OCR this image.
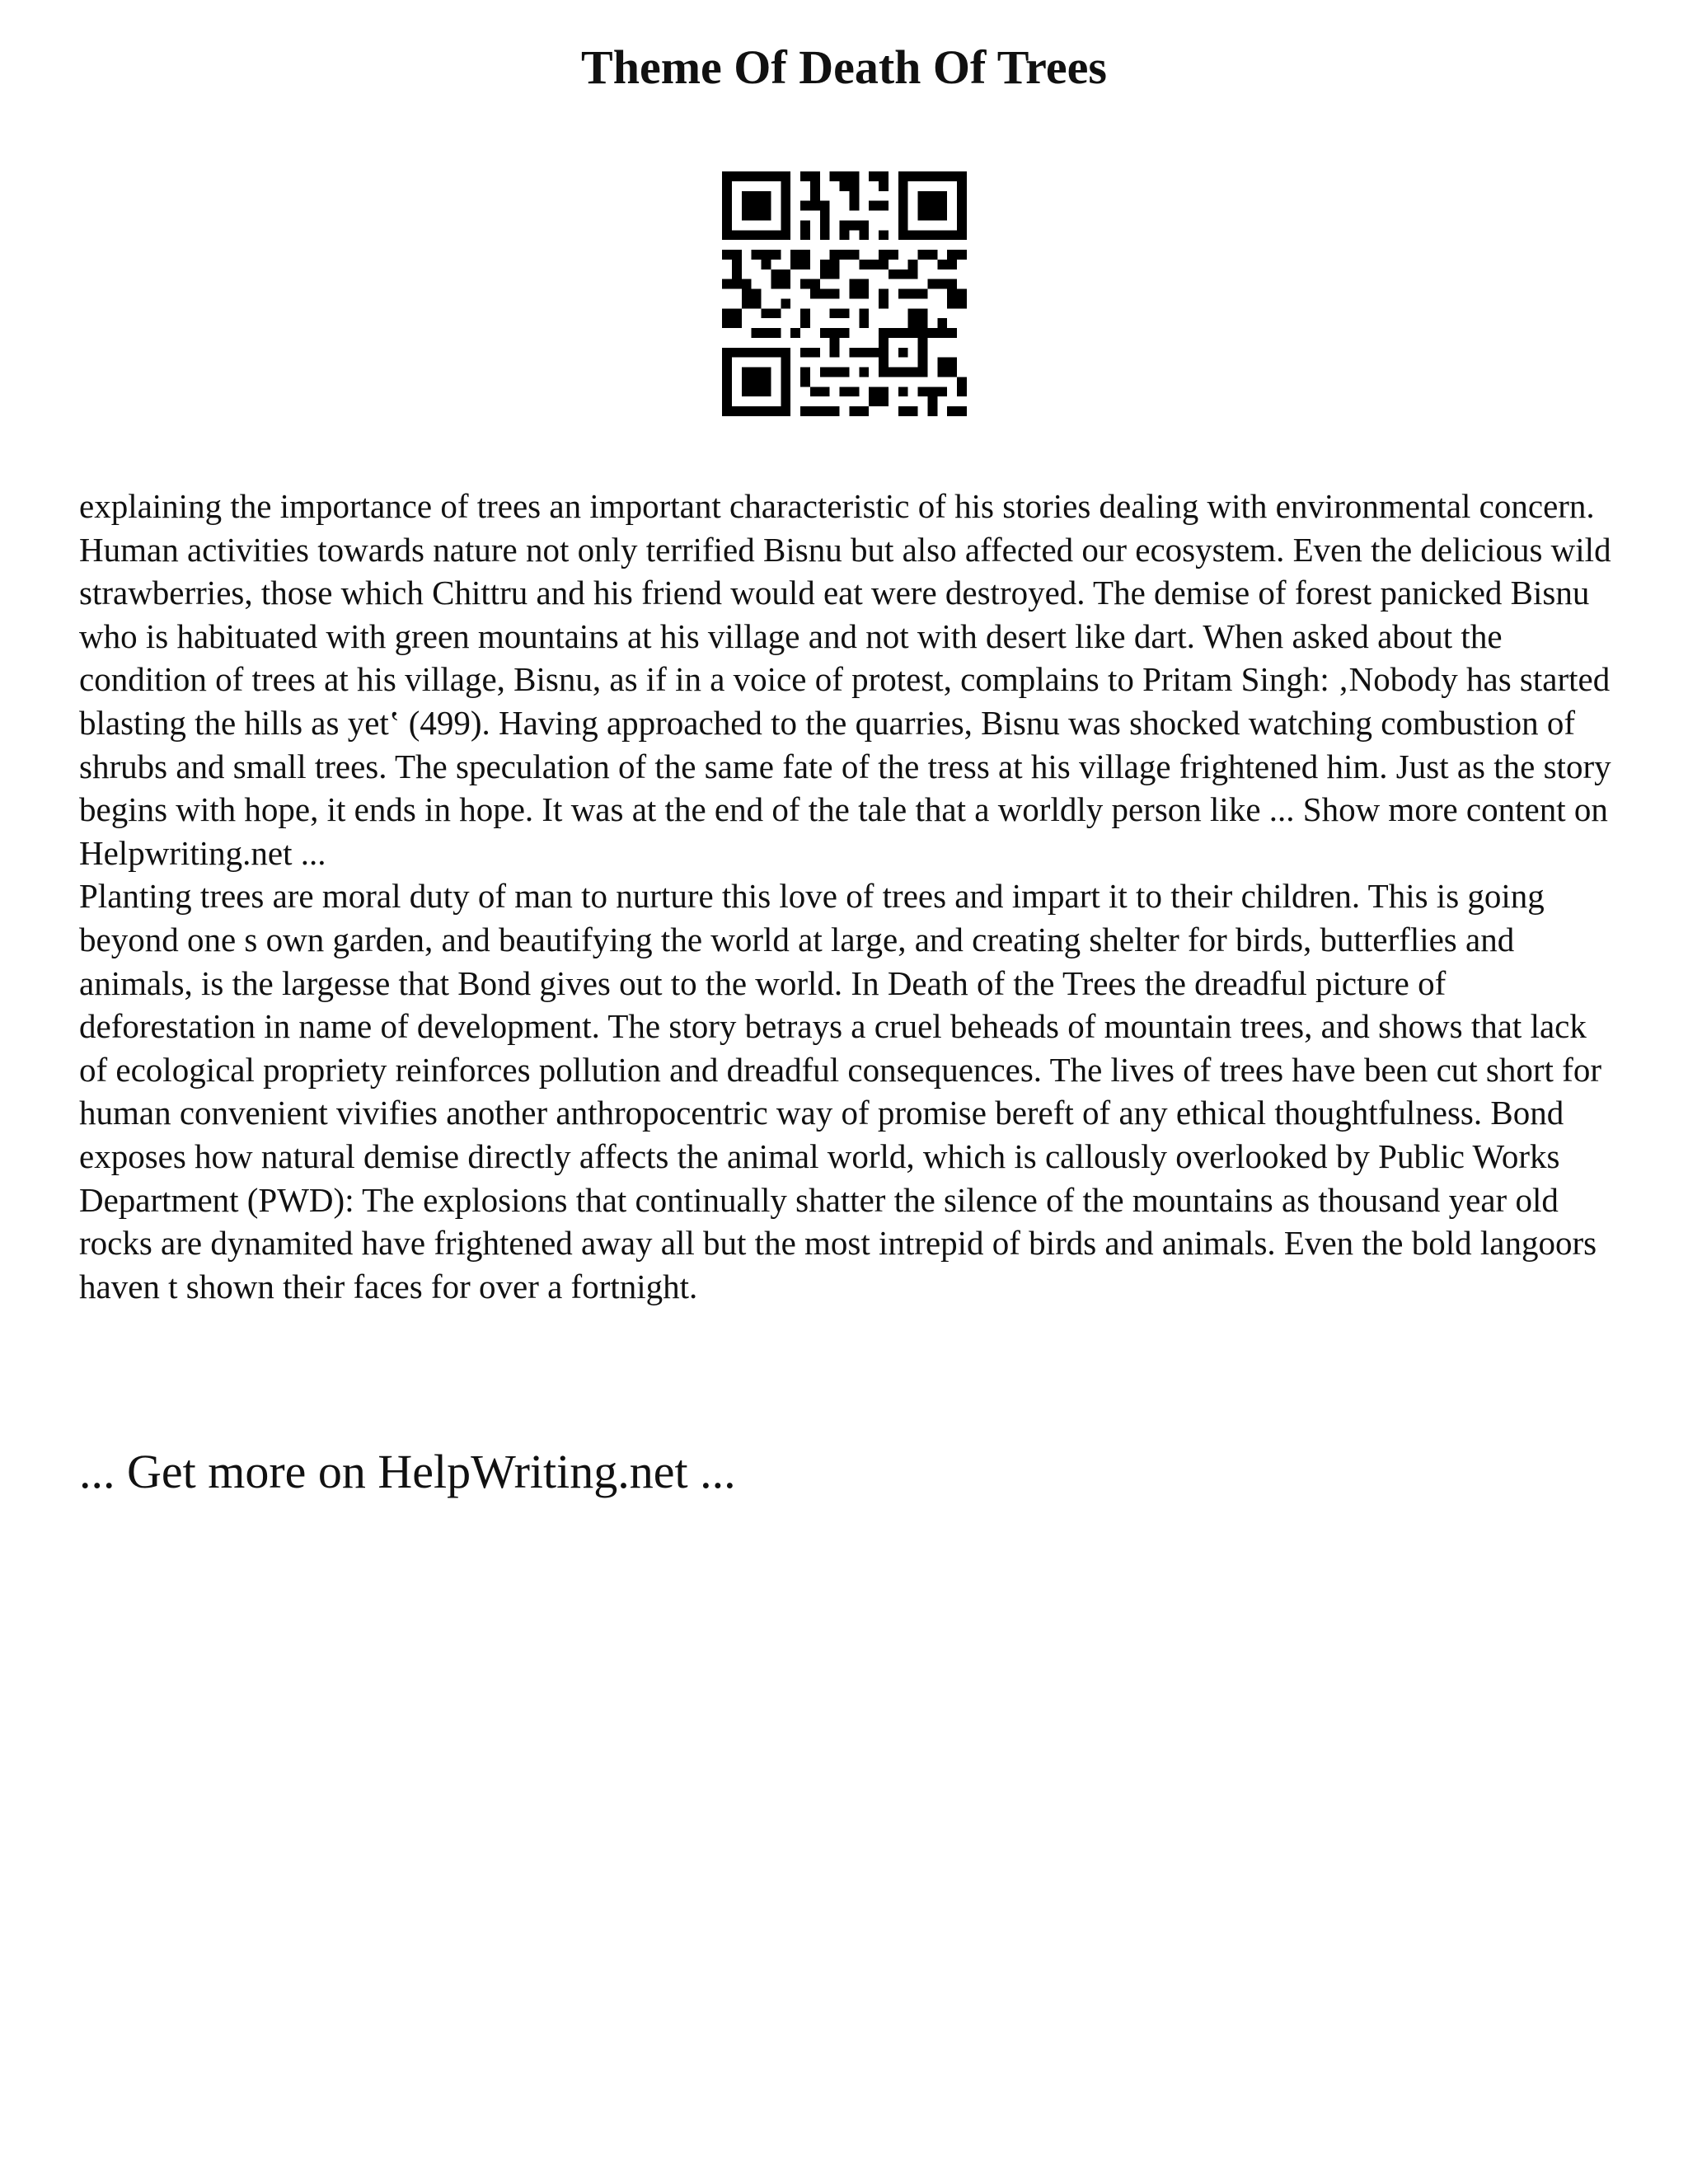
Theme Of Death Of Trees

explaining the importance of trees an important characteristic of his stories dealing with environmental concern. Human activities towards nature not only terrified Bisnu but also affected our ecosystem. Even the delicious wild strawberries, those which Chittru and his friend would eat were destroyed. The demise of forest panicked Bisnu who is habituated with green mountains at his village and not with desert like dart. When asked about the condition of trees at his village, Bisnu, as if in a voice of protest, complains to Pritam Singh: ‚Nobody has started blasting the hills as yet‛ (499). Having approached to the quarries, Bisnu was shocked watching combustion of shrubs and small trees. The speculation of the same fate of the tress at his village frightened him. Just as the story begins with hope, it ends in hope. It was at the end of the tale that a worldly person like ... Show more content on Helpwriting.net ...

Planting trees are moral duty of man to nurture this love of trees and impart it to their children. This is going beyond one s own garden, and beautifying the world at large, and creating shelter for birds, butterflies and animals, is the largesse that Bond gives out to the world. In Death of the Trees the dreadful picture of deforestation in name of development. The story betrays a cruel beheads of mountain trees, and shows that lack of ecological propriety reinforces pollution and dreadful consequences. The lives of trees have been cut short for human convenient vivifies another anthropocentric way of promise bereft of any ethical thoughtfulness. Bond exposes how natural demise directly affects the animal world, which is callously overlooked by Public Works Department (PWD): The explosions that continually shatter the silence of the mountains as thousand year old rocks are dynamited have frightened away all but the most intrepid of birds and animals. Even the bold langoors haven t shown their faces for over a fortnight.

... Get more on HelpWriting.net ...
